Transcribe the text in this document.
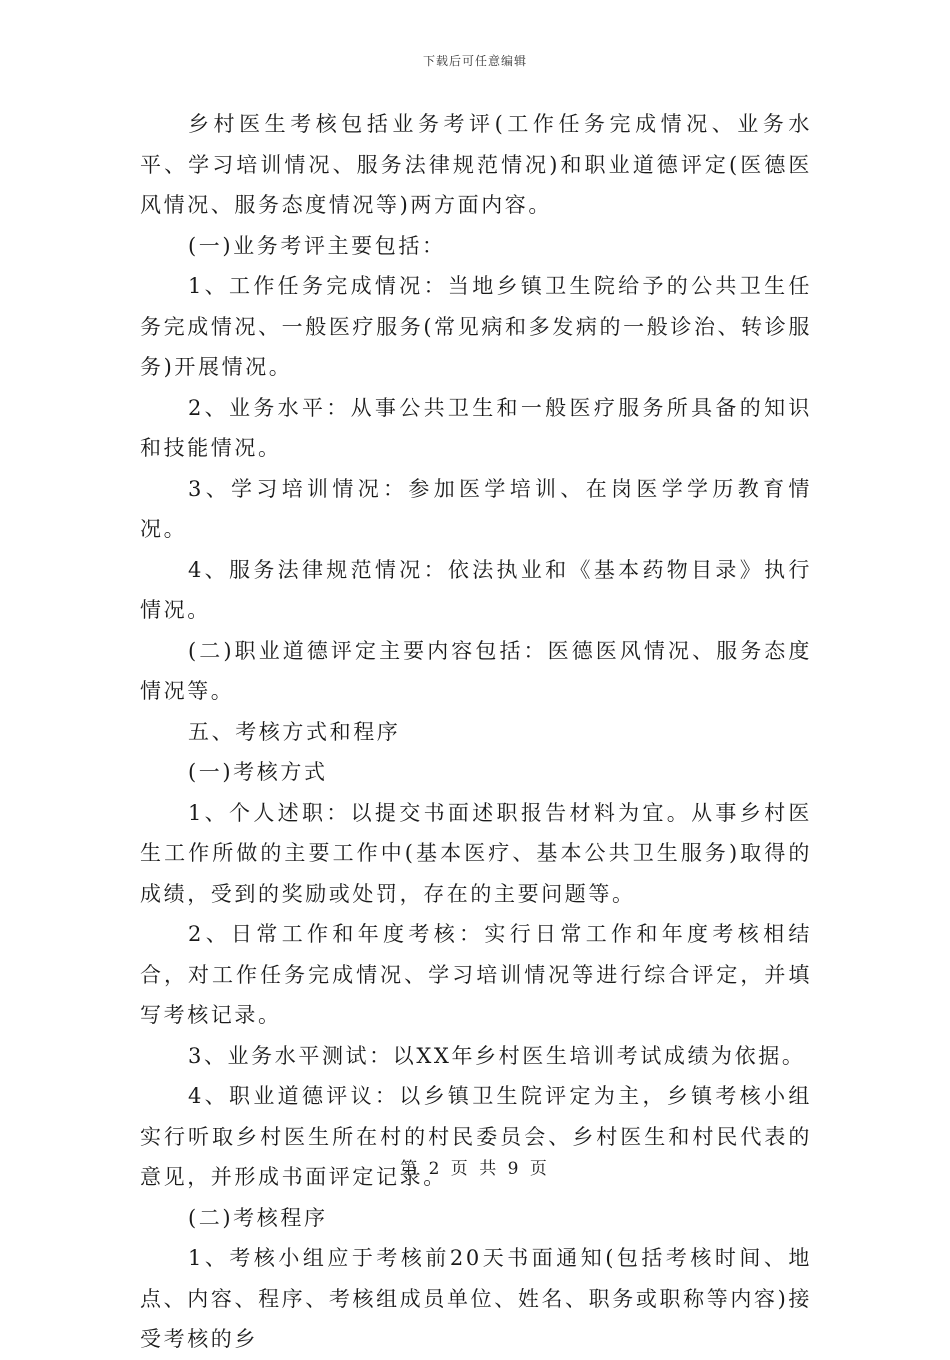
下载后可任意编辑

乡村医生考核包括业务考评(工作任务完成情况、业务水平、学习培训情况、服务法律规范情况)和职业道德评定(医德医风情况、服务态度情况等)两方面内容。

(一)业务考评主要包括：

1、工作任务完成情况：当地乡镇卫生院给予的公共卫生任务完成情况、一般医疗服务(常见病和多发病的一般诊治、转诊服务)开展情况。

2、业务水平：从事公共卫生和一般医疗服务所具备的知识和技能情况。

3、学习培训情况：参加医学培训、在岗医学学历教育情况。

4、服务法律规范情况：依法执业和《基本药物目录》执行情况。

(二)职业道德评定主要内容包括：医德医风情况、服务态度情况等。

五、考核方式和程序

(一)考核方式

1、个人述职：以提交书面述职报告材料为宜。从事乡村医生工作所做的主要工作中(基本医疗、基本公共卫生服务)取得的成绩，受到的奖励或处罚，存在的主要问题等。

2、日常工作和年度考核：实行日常工作和年度考核相结合，对工作任务完成情况、学习培训情况等进行综合评定，并填写考核记录。

3、业务水平测试：以XX年乡村医生培训考试成绩为依据。

4、职业道德评议：以乡镇卫生院评定为主，乡镇考核小组实行听取乡村医生所在村的村民委员会、乡村医生和村民代表的意见，并形成书面评定记录。

(二)考核程序

1、考核小组应于考核前20天书面通知(包括考核时间、地点、内容、程序、考核组成员单位、姓名、职务或职称等内容)接受考核的乡

第 2 页 共 9 页
